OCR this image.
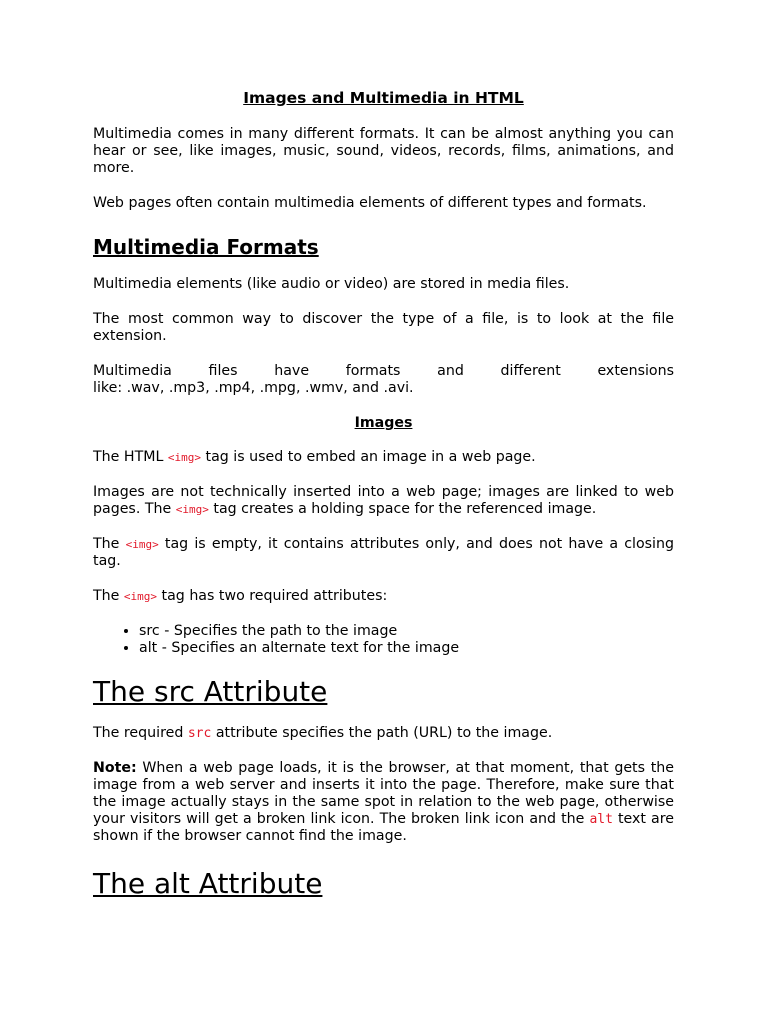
Images and Multimedia in HTML

Multimedia comes in many different formats. It can be almost anything you can hear or see, like images, music, sound, videos, records, films, animations, and more.

Web pages often contain multimedia elements of different types and formats.

Multimedia Formats

Multimedia elements (like audio or video) are stored in media files.

The most common way to discover the type of a file, is to look at the file extension.

Multimedia files have formats and different extensions
like: .wav, .mp3, .mp4, .mpg, .wmv, and .avi.

Images

The HTML <img> tag is used to embed an image in a web page.

Images are not technically inserted into a web page; images are linked to web pages. The <img> tag creates a holding space for the referenced image.

The <img> tag is empty, it contains attributes only, and does not have a closing tag.

The <img> tag has two required attributes:

• src - Specifies the path to the image
• alt - Specifies an alternate text for the image
The src Attribute

The required src attribute specifies the path (URL) to the image.

Note: When a web page loads, it is the browser, at that moment, that gets the image from a web server and inserts it into the page. Therefore, make sure that the image actually stays in the same spot in relation to the web page, otherwise your visitors will get a broken link icon. The broken link icon and the alt text are shown if the browser cannot find the image.

The alt Attribute
